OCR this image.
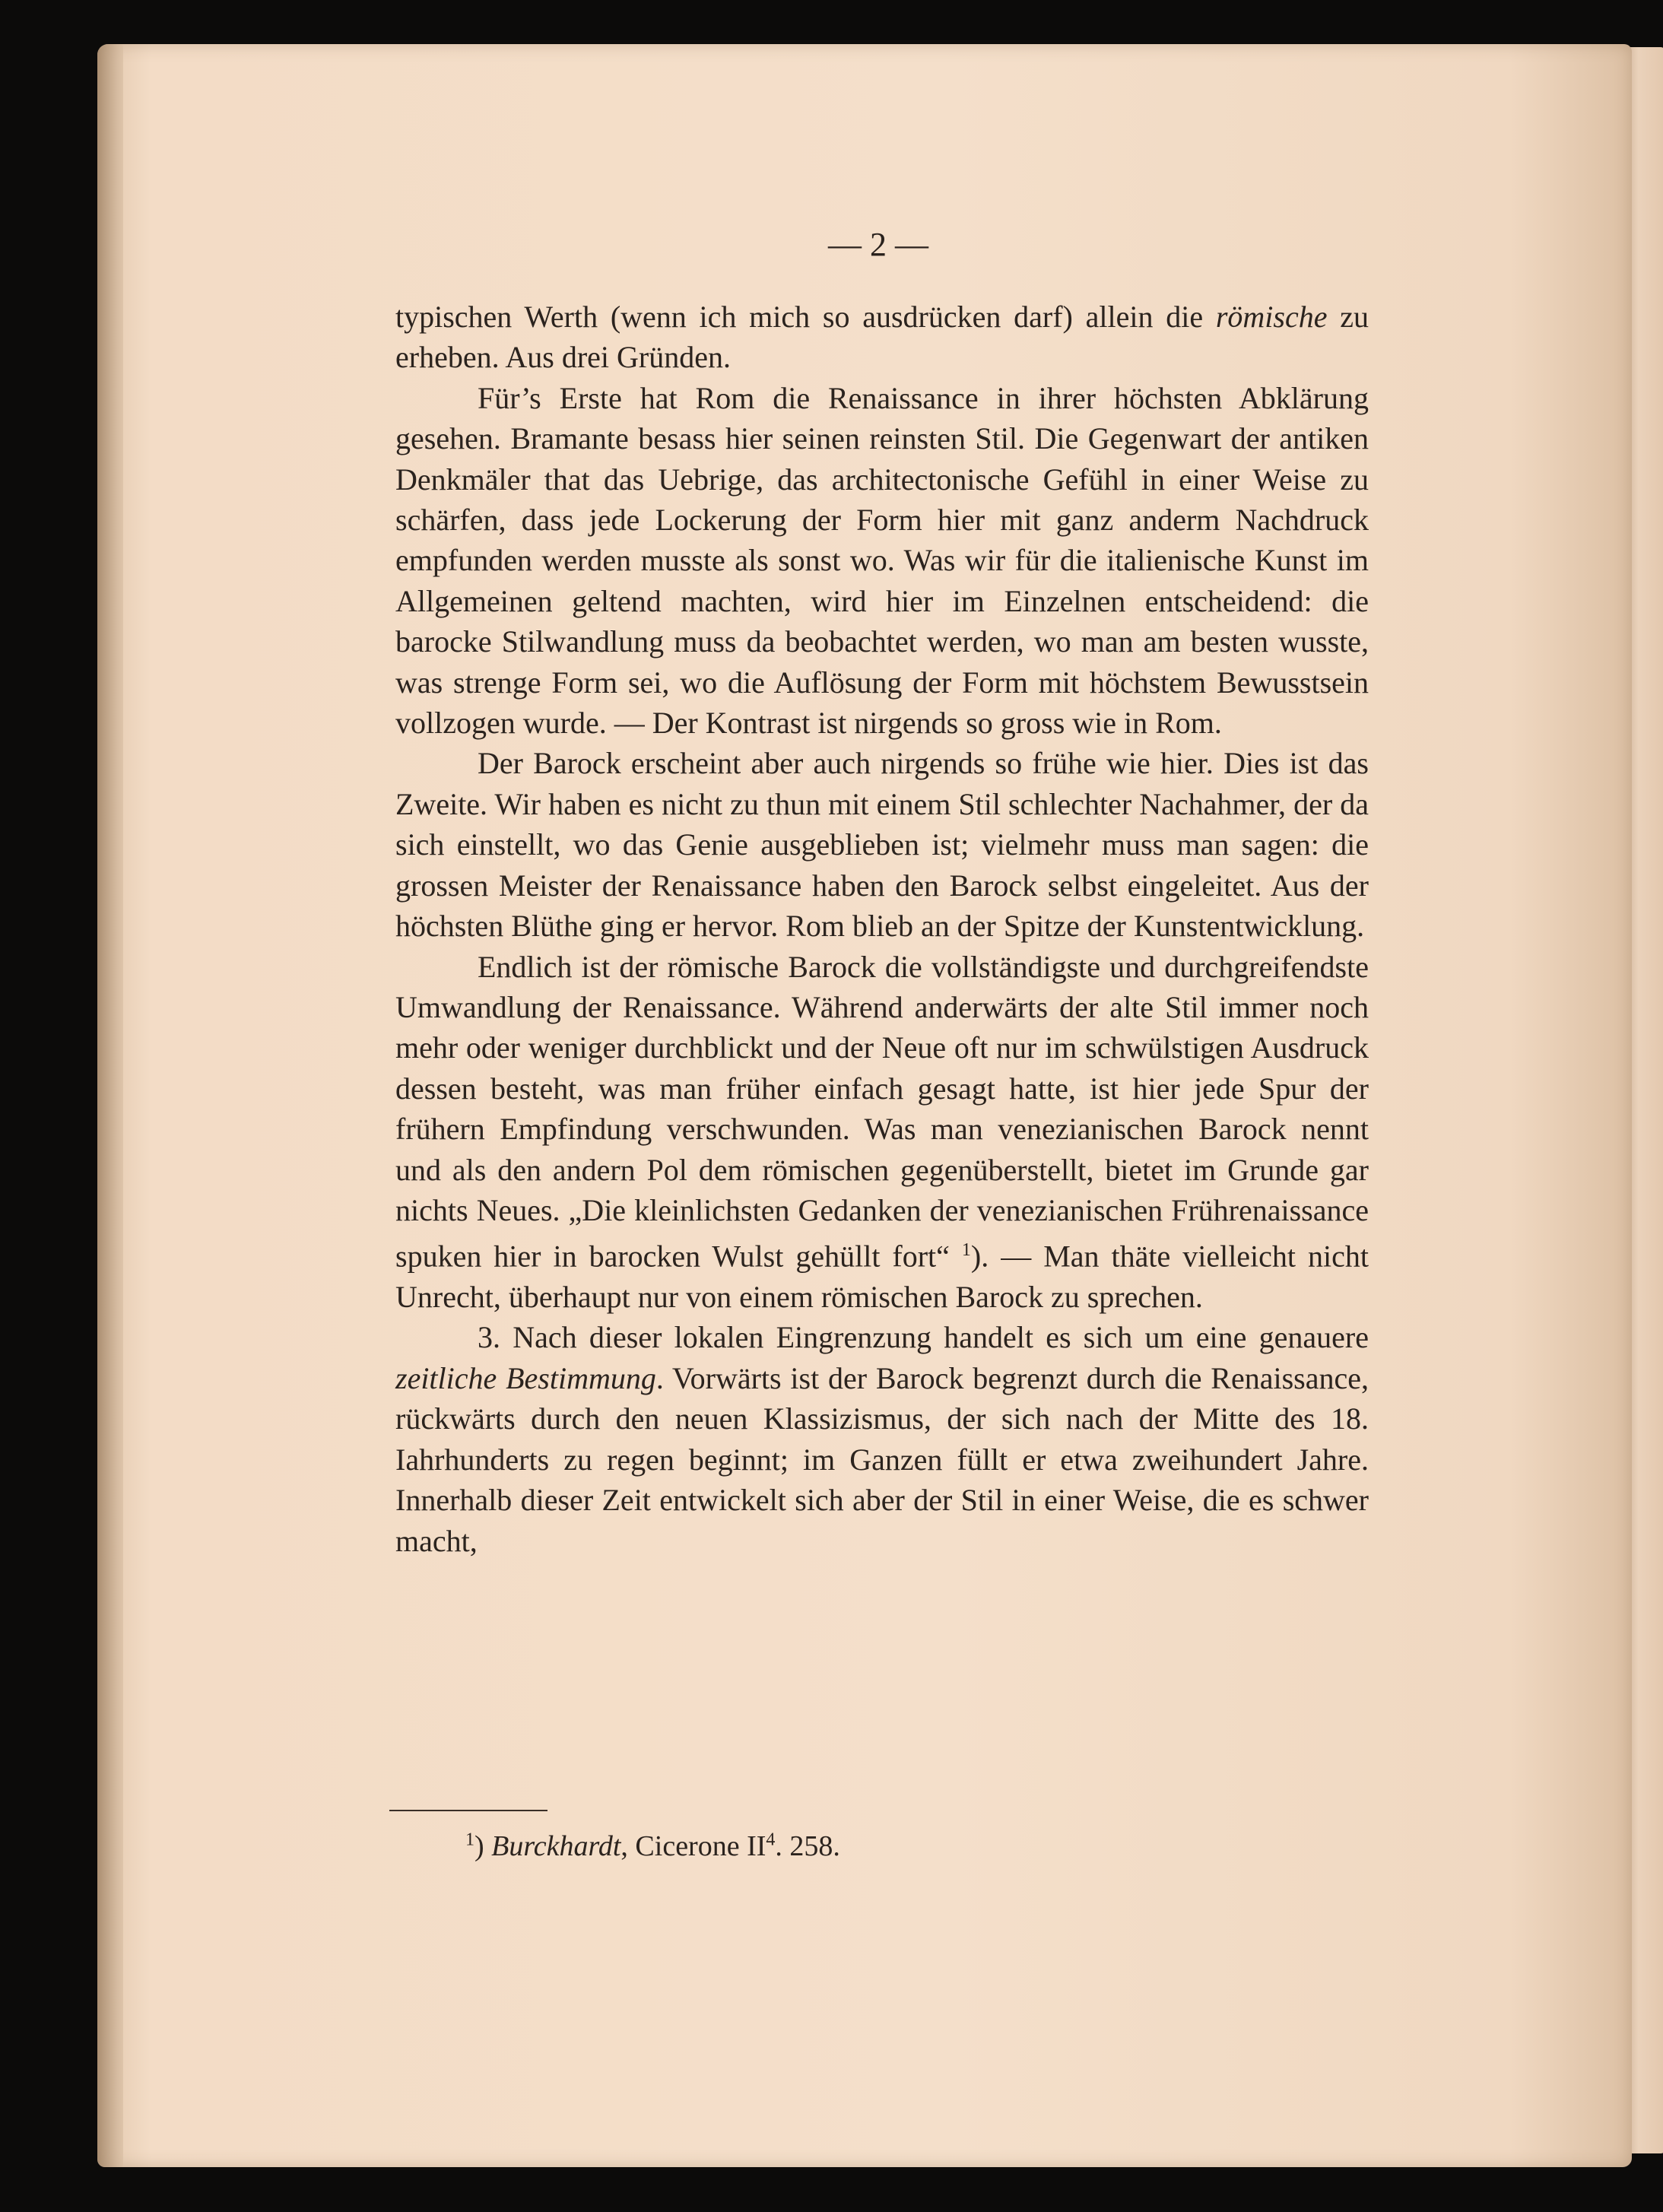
— 2 —

typischen Werth (wenn ich mich so ausdrücken darf) allein die römische zu erheben. Aus drei Gründen.

Für’s Erste hat Rom die Renaissance in ihrer höchsten Abklärung gesehen. Bramante besass hier seinen reinsten Stil. Die Gegenwart der antiken Denkmäler that das Uebrige, das architectonische Gefühl in einer Weise zu schärfen, dass jede Lockerung der Form hier mit ganz anderm Nachdruck empfunden werden musste als sonst wo. Was wir für die italienische Kunst im Allgemeinen geltend machten, wird hier im Einzelnen entscheidend: die barocke Stilwandlung muss da beobachtet werden, wo man am besten wusste, was strenge Form sei, wo die Auflösung der Form mit höchstem Bewusstsein vollzogen wurde. — Der Kontrast ist nirgends so gross wie in Rom.

Der Barock erscheint aber auch nirgends so frühe wie hier. Dies ist das Zweite. Wir haben es nicht zu thun mit einem Stil schlechter Nachahmer, der da sich einstellt, wo das Genie ausgeblieben ist; vielmehr muss man sagen: die grossen Meister der Renaissance haben den Barock selbst eingeleitet. Aus der höchsten Blüthe ging er hervor. Rom blieb an der Spitze der Kunstentwicklung.

Endlich ist der römische Barock die vollständigste und durchgreifendste Umwandlung der Renaissance. Während anderwärts der alte Stil immer noch mehr oder weniger durchblickt und der Neue oft nur im schwülstigen Ausdruck dessen besteht, was man früher einfach gesagt hatte, ist hier jede Spur der frühern Empfindung verschwunden. Was man venezianischen Barock nennt und als den andern Pol dem römischen gegenüberstellt, bietet im Grunde gar nichts Neues. „Die kleinlichsten Gedanken der venezianischen Frührenaissance spuken hier in barocken Wulst gehüllt fort“ $^1$). — Man thäte vielleicht nicht Unrecht, überhaupt nur von einem römischen Barock zu sprechen.

3. Nach dieser lokalen Eingrenzung handelt es sich um eine genauere zeitliche Bestimmung. Vorwärts ist der Barock begrenzt durch die Renaissance, rückwärts durch den neuen Klassizismus, der sich nach der Mitte des 18. Iahrhunderts zu regen beginnt; im Ganzen füllt er etwa zweihundert Jahre. Innerhalb dieser Zeit entwickelt sich aber der Stil in einer Weise, die es schwer macht,

$^1$) Burckhardt, Cicerone $II^4$. 258.
